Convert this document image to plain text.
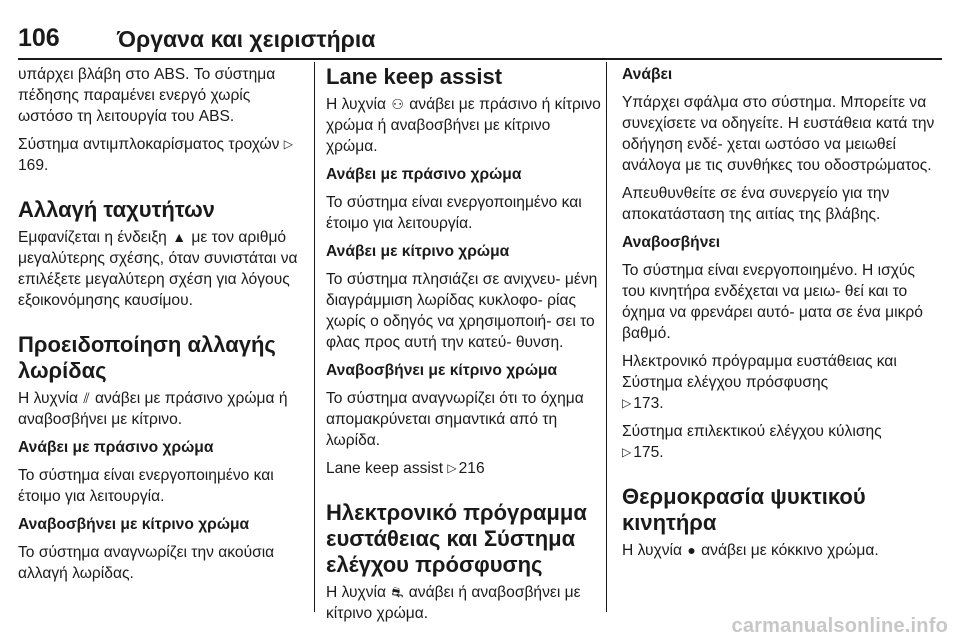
106 Όργανα και χειριστήρια

υπάρχει βλάβη στο ABS. Το σύστημα πέδησης παραμένει ενεργό χωρίς ωστόσο τη λειτουργία του ABS.

Σύστημα αντιμπλοκαρίσματος τροχών ▷169.

Αλλαγή ταχυτήτων

Εμφανίζεται η ένδειξη ▲ με τον αριθμό μεγαλύτερης σχέσης, όταν συνιστάται να επιλέξετε μεγαλύτερη σχέση για λόγους εξοικονόμησης καυσίμου.

Προειδοποίηση αλλαγής λωρίδας

Η λυχνία ⫽ ανάβει με πράσινο χρώμα ή αναβοσβήνει με κίτρινο.

Ανάβει με πράσινο χρώμα

Το σύστημα είναι ενεργοποιημένο και έτοιμο για λειτουργία.

Αναβοσβήνει με κίτρινο χρώμα

Το σύστημα αναγνωρίζει την ακούσια αλλαγή λωρίδας.

Lane keep assist

Η λυχνία ⚇ ανάβει με πράσινο ή κίτρινο χρώμα ή αναβοσβήνει με κίτρινο χρώμα.

Ανάβει με πράσινο χρώμα

Το σύστημα είναι ενεργοποιημένο και έτοιμο για λειτουργία.

Ανάβει με κίτρινο χρώμα

Το σύστημα πλησιάζει σε ανιχνευ- μένη διαγράμμιση λωρίδας κυκλοφο- ρίας χωρίς ο οδηγός να χρησιμοποιή- σει το φλας προς αυτή την κατεύ- θυνση.

Αναβοσβήνει με κίτρινο χρώμα

Το σύστημα αναγνωρίζει ότι το όχημα απομακρύνεται σημαντικά από τη λωρίδα.

Lane keep assist ▷ 216

Ηλεκτρονικό πρόγραμμα ευστάθειας και Σύστημα ελέγχου πρόσφυσης

Η λυχνία ⛐ ανάβει ή αναβοσβήνει με κίτρινο χρώμα.

Ανάβει

Υπάρχει σφάλμα στο σύστημα. Μπορείτε να συνεχίσετε να οδηγείτε. Η ευστάθεια κατά την οδήγηση ενδέ- χεται ωστόσο να μειωθεί ανάλογα με τις συνθήκες του οδοστρώματος.

Απευθυνθείτε σε ένα συνεργείο για την αποκατάσταση της αιτίας της βλάβης.

Αναβοσβήνει

Το σύστημα είναι ενεργοποιημένο. Η ισχύς του κινητήρα ενδέχεται να μειω- θεί και το όχημα να φρενάρει αυτό- ματα σε ένα μικρό βαθμό.

Ηλεκτρονικό πρόγραμμα ευστάθειας και Σύστημα ελέγχου πρόσφυσης
▷ 173.

Σύστημα επιλεκτικού ελέγχου κύλισης
▷ 175.

Θερμοκρασία ψυκτικού κινητήρα

Η λυχνία ● ανάβει με κόκκινο χρώμα.

carmanualsonline.info
